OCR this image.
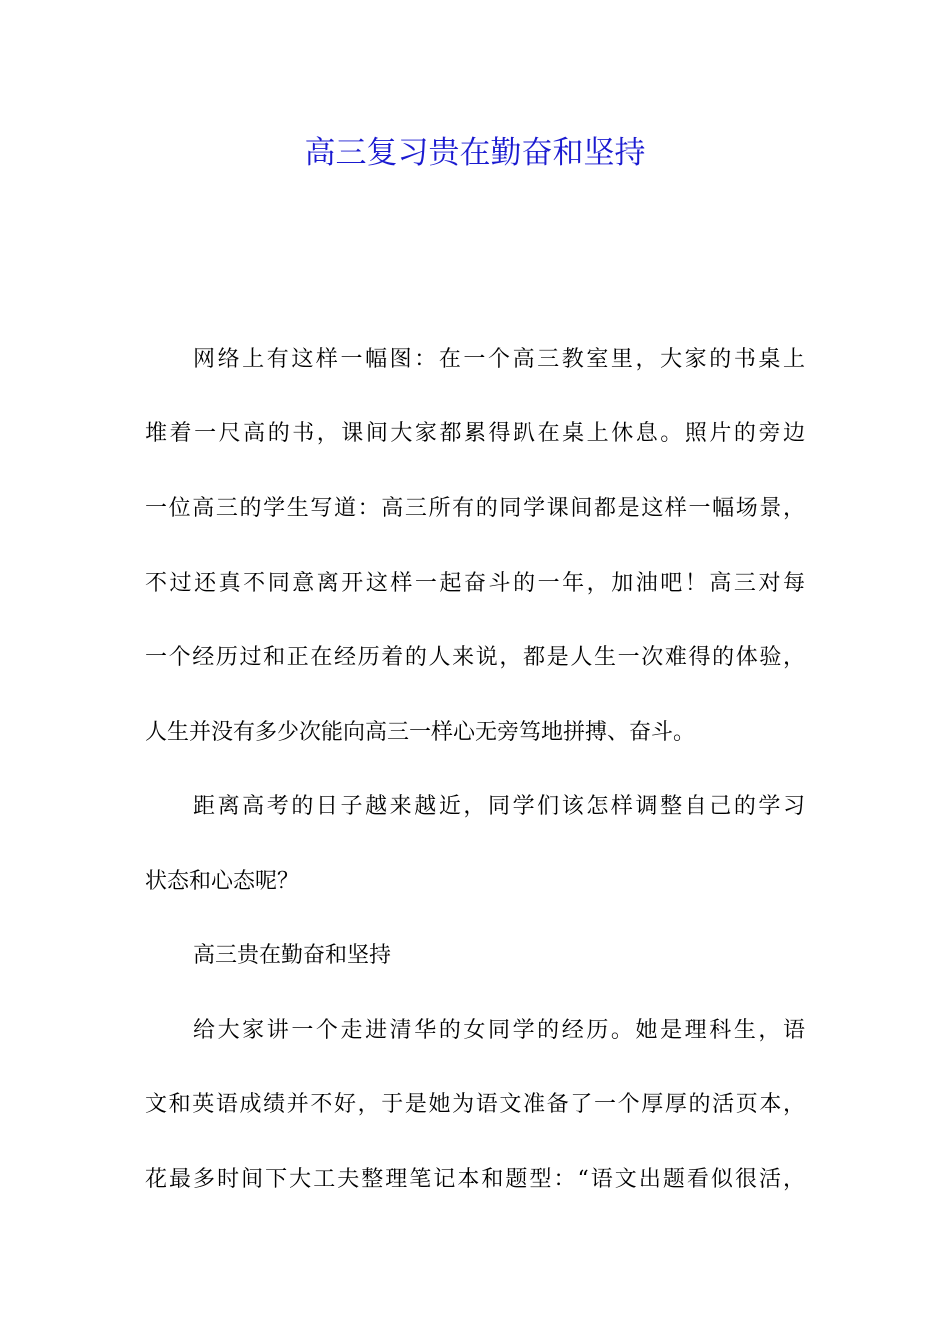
高三复习贵在勤奋和坚持

网络上有这样一幅图：在一个高三教室里，大家的书桌上

堆着一尺高的书，课间大家都累得趴在桌上休息。照片的旁边

一位高三的学生写道：高三所有的同学课间都是这样一幅场景，

不过还真不同意离开这样一起奋斗的一年，加油吧！高三对每

一个经历过和正在经历着的人来说，都是人生一次难得的体验，

人生并没有多少次能向高三一样心无旁笃地拼搏、奋斗。

距离高考的日子越来越近，同学们该怎样调整自己的学习

状态和心态呢？

高三贵在勤奋和坚持

给大家讲一个走进清华的女同学的经历。她是理科生，语

文和英语成绩并不好，于是她为语文准备了一个厚厚的活页本，

花最多时间下大工夫整理笔记本和题型：“语文出题看似很活，
